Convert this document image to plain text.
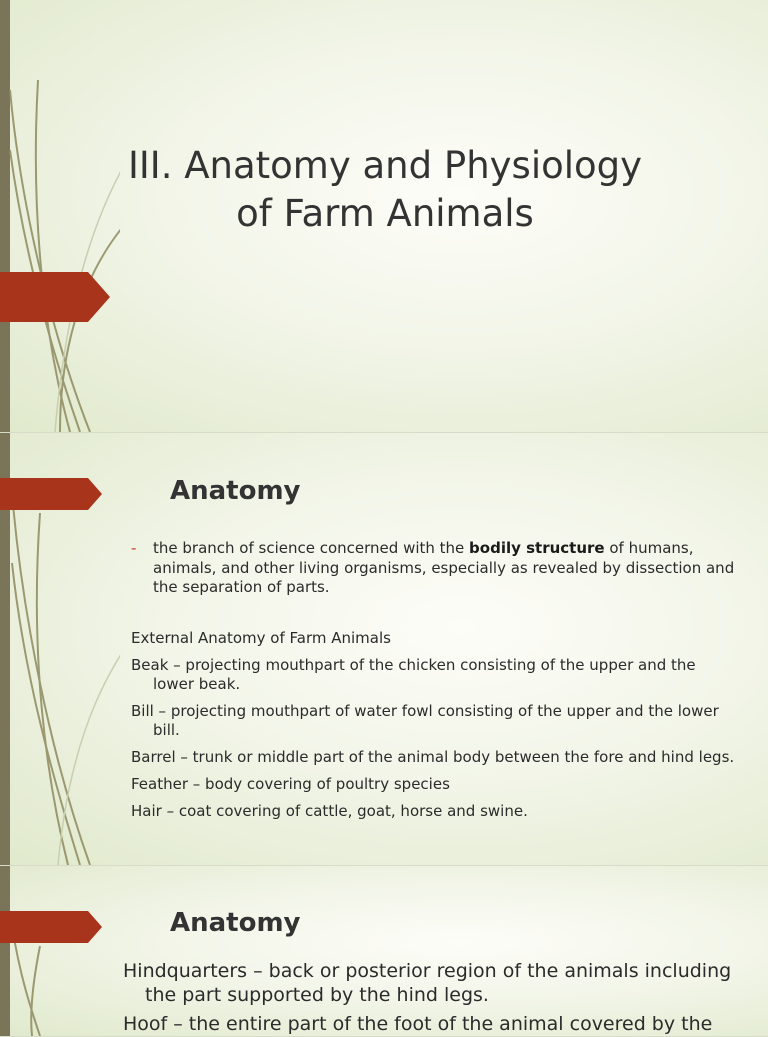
III. Anatomy and Physiology
of Farm Animals
Anatomy
- the branch of science concerned with the bodily structure of humans, animals, and other living organisms, especially as revealed by dissection and the separation of parts.
External Anatomy of Farm Animals
Beak – projecting mouthpart of the chicken consisting of the upper and the lower beak.
Bill – projecting mouthpart of water fowl consisting of the upper and the lower bill.
Barrel – trunk or middle part of the animal body between the fore and hind legs.
Feather – body covering of poultry species
Hair – coat covering of cattle, goat, horse and swine.
Anatomy
Hindquarters – back or posterior region of the animals including the part supported by the hind legs.
Hoof – the entire part of the foot of the animal covered by the
